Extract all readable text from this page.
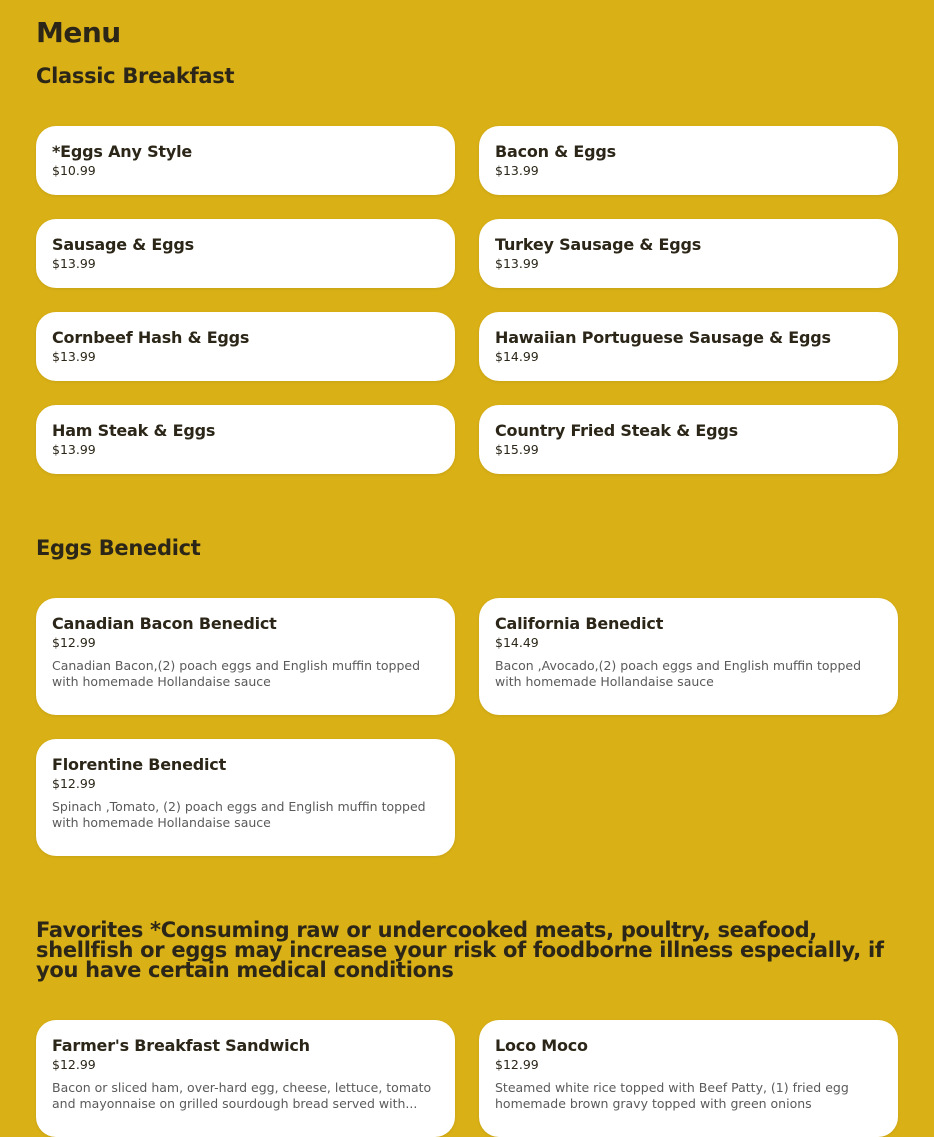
Menu
Classic Breakfast
*Eggs Any Style
$10.99
Bacon & Eggs
$13.99
Sausage & Eggs
$13.99
Turkey Sausage & Eggs
$13.99
Cornbeef Hash & Eggs
$13.99
Hawaiian Portuguese Sausage & Eggs
$14.99
Ham Steak & Eggs
$13.99
Country Fried Steak & Eggs
$15.99
Eggs Benedict
Canadian Bacon Benedict
$12.99
Canadian Bacon,(2) poach eggs and English muffin topped with homemade Hollandaise sauce
California Benedict
$14.49
Bacon ,Avocado,(2) poach eggs and English muffin topped with homemade Hollandaise sauce
Florentine Benedict
$12.99
Spinach ,Tomato, (2) poach eggs and English muffin topped with homemade Hollandaise sauce
Favorites *Consuming raw or undercooked meats, poultry, seafood, shellfish or eggs may increase your risk of foodborne illness especially, if you have certain medical conditions
Farmer's Breakfast Sandwich
$12.99
Bacon or sliced ham, over-hard egg, cheese, lettuce, tomato and mayonnaise on grilled sourdough bread served with...
Loco Moco
$12.99
Steamed white rice topped with Beef Patty, (1) fried egg homemade brown gravy topped with green onions
